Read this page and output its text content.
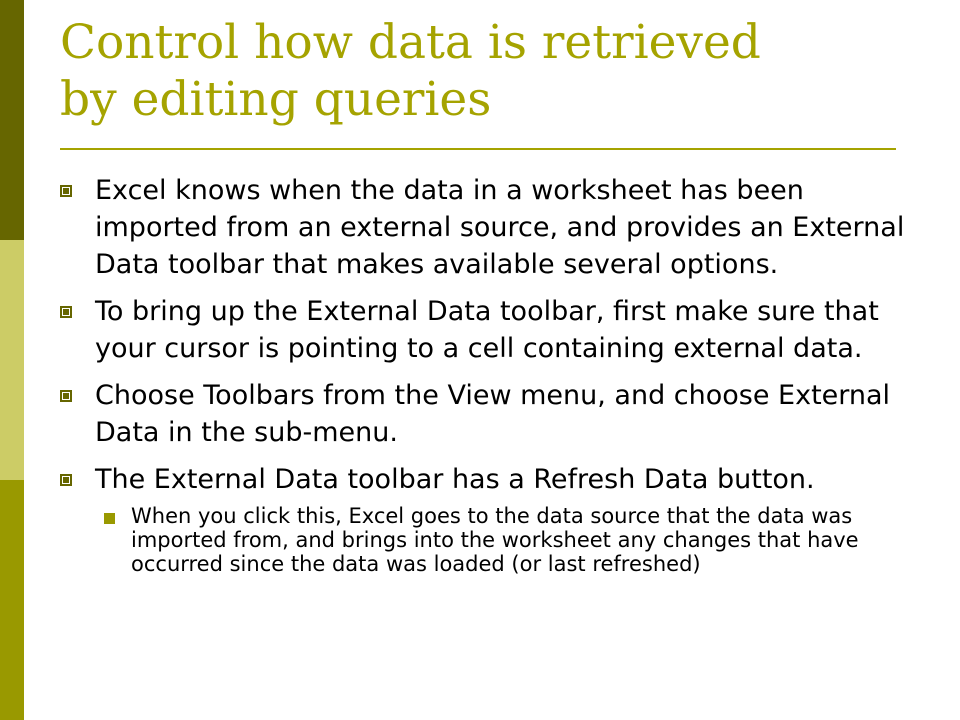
Control how data is retrieved
by editing queries
Excel knows when the data in a worksheet has been imported from an external source, and provides an External Data toolbar that makes available several options.
To bring up the External Data toolbar, first make sure that your cursor is pointing to a cell containing external data.
Choose Toolbars from the View menu, and choose External Data in the sub-menu.
The External Data toolbar has a Refresh Data button.
When you click this, Excel goes to the data source that the data was imported from, and brings into the worksheet any changes that have occurred since the data was loaded (or last refreshed)
